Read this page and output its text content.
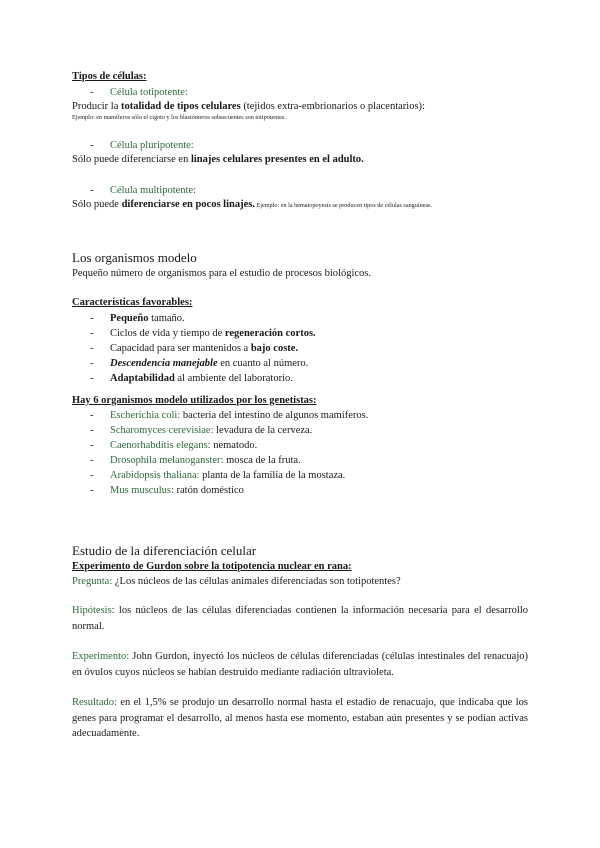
Tipos de células:
-	Célula totipotente:
Producir la totalidad de tipos celulares (tejidos extra-embrionarios o placentarios):
Ejemplo: en mamíferos sólo el cigoto y los blastómeros subsecuentes son totipotentes.
-	Célula pluripotente:
Sólo puede diferenciarse en linajes celulares presentes en el adulto.
-	Célula multipotente:
Sólo puede diferenciarse en pocos linajes. Ejemplo: en la hematopoyesis se producen tipos de células sanguíneas.
Los organismos modelo
Pequeño número de organismos para el estudio de procesos biológicos.
Características favorables:
-	Pequeño tamaño.
-	Ciclos de vida y tiempo de regeneración cortos.
-	Capacidad para ser mantenidos a bajo coste.
-	Descendencia manejable en cuanto al número.
-	Adaptabilidad al ambiente del laboratorio.
Hay 6 organismos modelo utilizados por los genetistas:
-	Escherichia coli: bacteria del intestino de algunos mamíferos.
-	Scharomyces cerevisiae: levadura de la cerveza.
-	Caenorhabditis elegans: nematodo.
-	Drosophila melanoganster: mosca de la fruta.
-	Arabidopsis thaliana: planta de la familia de la mostaza.
-	Mus musculus: ratón doméstico
Estudio de la diferenciación celular
Experimento de Gurdon sobre la totipotencia nuclear en rana:
Pregunta: ¿Los núcleos de las células animales diferenciadas son totipotentes?
Hipótesis: los núcleos de las células diferenciadas contienen la información necesaria para el desarrollo normal.
Experimento: John Gurdon, inyectó los núcleos de células diferenciadas (células intestinales del renacuajo) en óvulos cuyos núcleos se habían destruido mediante radiación ultravioleta.
Resultado: en el 1,5% se produjo un desarrollo normal hasta el estadio de renacuajo, que indicaba que los genes para programar el desarrollo, al menos hasta ese momento, estaban aún presentes y se podían activas adecuadamente.
